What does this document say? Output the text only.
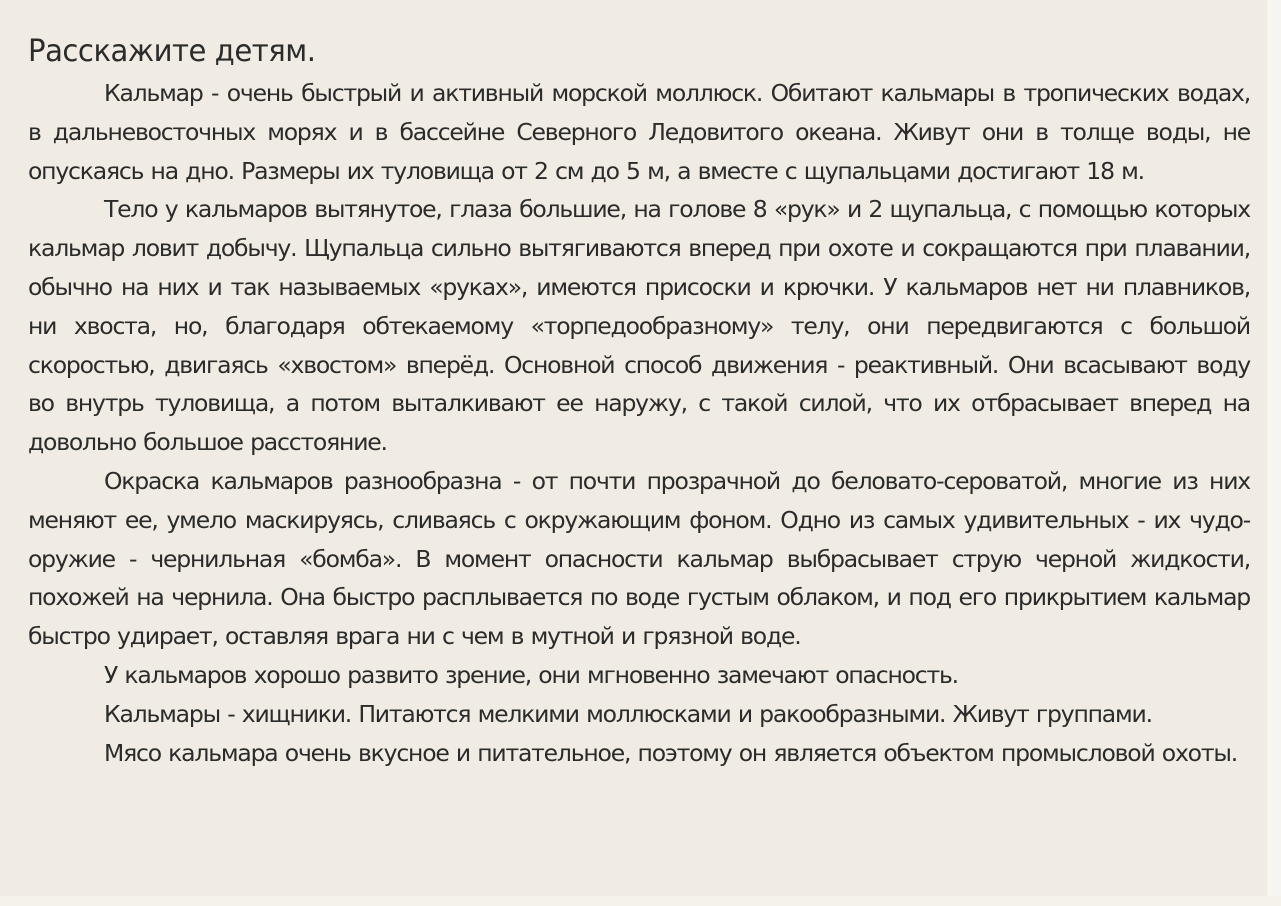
Расскажите детям.

Кальмар - очень быстрый и активный морской моллюск. Обитают кальмары в тропических водах, в дальневосточных морях и в бассейне Северного Ледовитого океана. Живут они в толще воды, не опускаясь на дно. Размеры их туловища от 2 см до 5 м, а вместе с щупальцами достигают 18 м.

Тело у кальмаров вытянутое, глаза большие, на голове 8 «рук» и 2 щупальца, с помощью которых кальмар ловит добычу. Щупальца сильно вытягиваются вперед при охоте и сокращаются при плавании, обычно на них и так называемых «руках», имеются присоски и крючки. У кальмаров нет ни плавников, ни хвоста, но, благодаря обтекаемому «торпедообразному» телу, они передвигаются с большой скоростью, двигаясь «хвостом» вперёд. Основной способ движения - реактивный. Они всасывают воду во внутрь туловища, а потом выталкивают ее наружу, с такой силой, что их отбрасывает вперед на довольно большое расстояние.

Окраска кальмаров разнообразна - от почти прозрачной до беловато-сероватой, многие из них меняют ее, умело маскируясь, сливаясь с окружающим фоном. Одно из самых удивительных - их чудо-оружие - чернильная «бомба». В момент опасности кальмар выбрасывает струю черной жидкости, похожей на чернила. Она быстро расплывается по воде густым облаком, и под его прикрытием кальмар быстро удирает, оставляя врага ни с чем в мутной и грязной воде.

У кальмаров хорошо развито зрение, они мгновенно замечают опасность.

Кальмары - хищники. Питаются мелкими моллюсками и ракообразными. Живут группами.

Мясо кальмара очень вкусное и питательное, поэтому он является объектом промысловой охоты.
